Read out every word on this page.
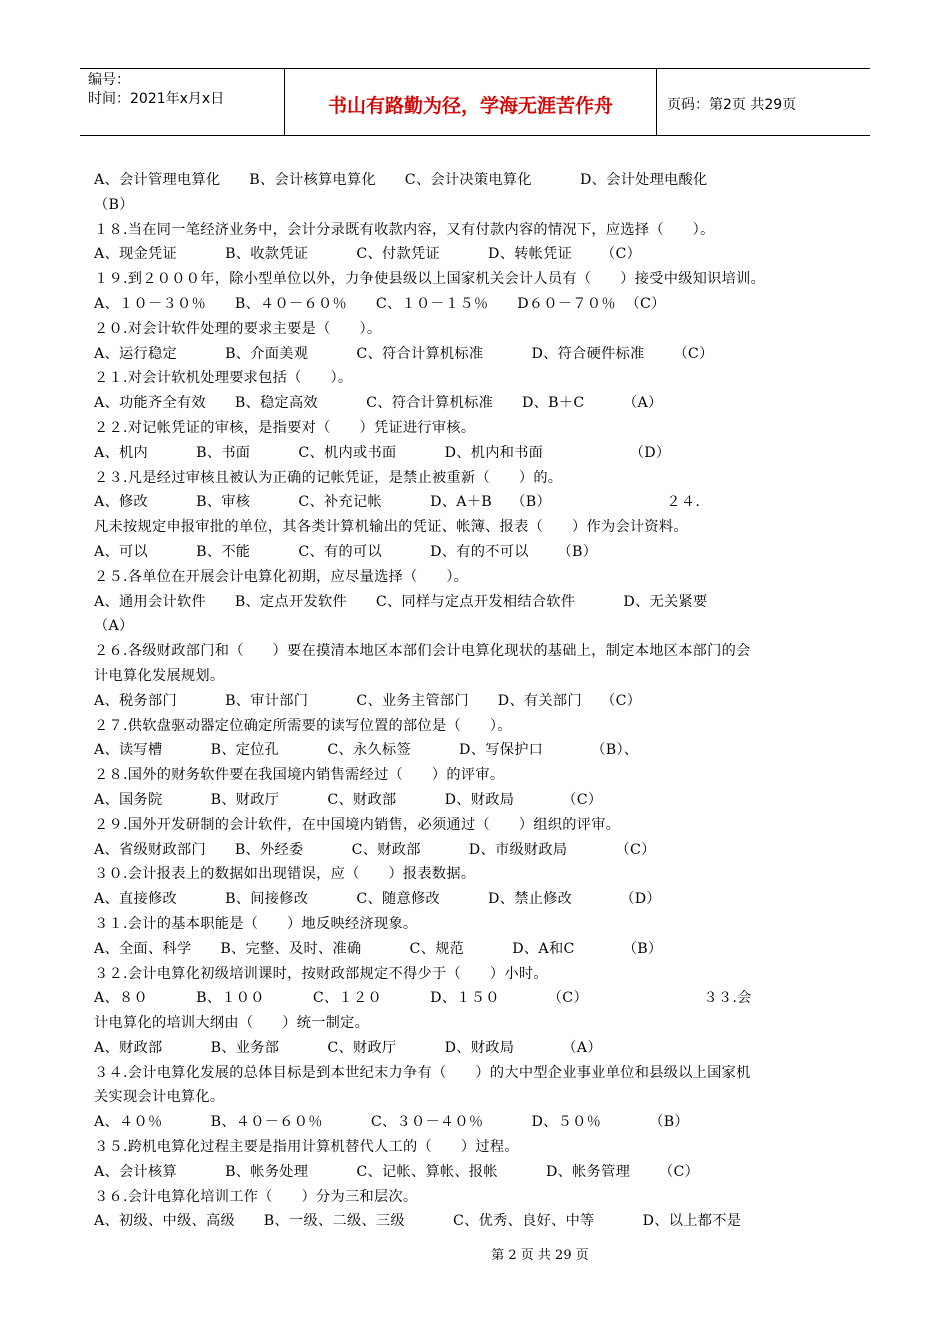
编号：
时间：2021年x月x日	书山有路勤为径，学海无涯苦作舟	页码：第2页 共29页
A、会计管理电算化      B、会计核算电算化      C、会计决策电算化          D、会计处理电酸化
（B）
１８.当在同一笔经济业务中，会计分录既有收款内容，又有付款内容的情况下，应选择（      ）。
A、现金凭证          B、收款凭证          C、付款凭证          D、转帐凭证      （C）
１９.到２０００年，除小型单位以外，力争使县级以上国家机关会计人员有（      ）接受中级知识培训。
A、１０－３０％      B、４０－６０％      C、１０－１５％      D６０－７０％  （C）
２０.对会计软件处理的要求主要是（      ）。
A、运行稳定          B、介面美观          C、符合计算机标准          D、符合硬件标准      （C）
２１.对会计软机处理要求包括（      ）。
A、功能齐全有效      B、稳定高效          C、符合计算机标准      D、B＋C        （A）
２２.对记帐凭证的审核，是指要对（      ）凭证进行审核。
A、机内          B、书面          C、机内或书面          D、机内和书面                  （D）
２３.凡是经过审核且被认为正确的记帐凭证，是禁止被重新（      ）的。
A、修改          B、审核          C、补充记帐          D、A＋B    （B）                        ２４.
凡未按规定申报审批的单位，其各类计算机输出的凭证、帐簿、报表（      ）作为会计资料。
A、可以          B、不能          C、有的可以          D、有的不可以      （B）
２５.各单位在开展会计电算化初期，应尽量选择（      ）。
A、通用会计软件      B、定点开发软件      C、同样与定点开发相结合软件          D、无关紧要
（A）
２６.各级财政部门和（      ）要在摸清本地区本部们会计电算化现状的基础上，制定本地区本部门的会
计电算化发展规划。
A、税务部门          B、审计部门          C、业务主管部门      D、有关部门    （C）
２７.供软盘驱动器定位确定所需要的读写位置的部位是（      ）。
A、读写槽          B、定位孔          C、永久标签          D、写保护口          （B）、
２８.国外的财务软件要在我国境内销售需经过（      ）的评审。
A、国务院          B、财政厅          C、财政部          D、财政局          （C）
２９.国外开发研制的会计软件，在中国境内销售，必须通过（      ）组织的评审。
A、省级财政部门      B、外经委          C、财政部          D、市级财政局          （C）
３０.会计报表上的数据如出现错误，应（      ）报表数据。
A、直接修改          B、间接修改          C、随意修改          D、禁止修改          （D）
３１.会计的基本职能是（      ）地反映经济现象。
A、全面、科学      B、完整、及时、准确          C、规范          D、A和C          （B）
３２.会计电算化初级培训课时，按财政部规定不得少于（      ）小时。
A、８０          B、１００          C、１２０          D、１５０          （C）                        ３３.会
计电算化的培训大纲由（      ）统一制定。
A、财政部          B、业务部          C、财政厅          D、财政局          （A）
３４.会计电算化发展的总体目标是到本世纪末力争有（      ）的大中型企业事业单位和县级以上国家机
关实现会计电算化。
A、４０％          B、４０－６０％          C、３０－４０％          D、５０％          （B）
３５.跨机电算化过程主要是指用计算机替代人工的（      ）过程。
A、会计核算          B、帐务处理          C、记帐、算帐、报帐          D、帐务管理      （C）
３６.会计电算化培训工作（      ）分为三和层次。
A、初级、中级、高级      B、一级、二级、三级          C、优秀、良好、中等          D、以上都不是
第 2 页 共 29 页
